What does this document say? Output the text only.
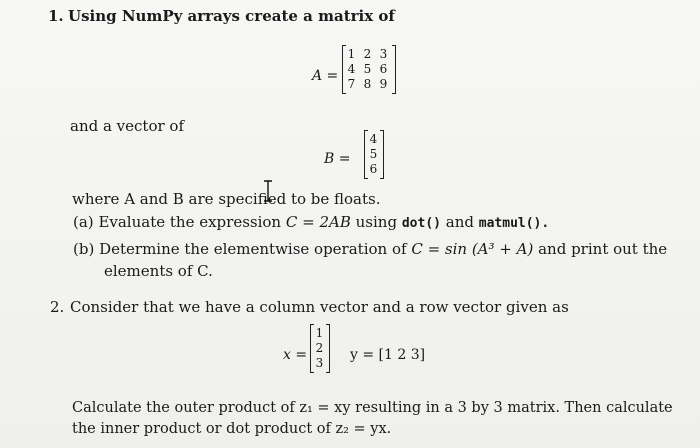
1. Using NumPy arrays create a matrix of
A =
1 2 3
4 5 6
7 8 9
and a vector of
B =
4
5
6
where A and B are specified to be floats.
(a) Evaluate the expression C = 2AB using dot() and matmul().
(b) Determine the elementwise operation of C = sin (A³ + A) and print out the
elements of C.
2. Consider that we have a column vector and a row vector given as
x =
1
2
3 y = [1 2 3]
Calculate the outer product of z₁ = xy resulting in a 3 by 3 matrix. Then calculate
the inner product or dot product of z₂ = yx.
